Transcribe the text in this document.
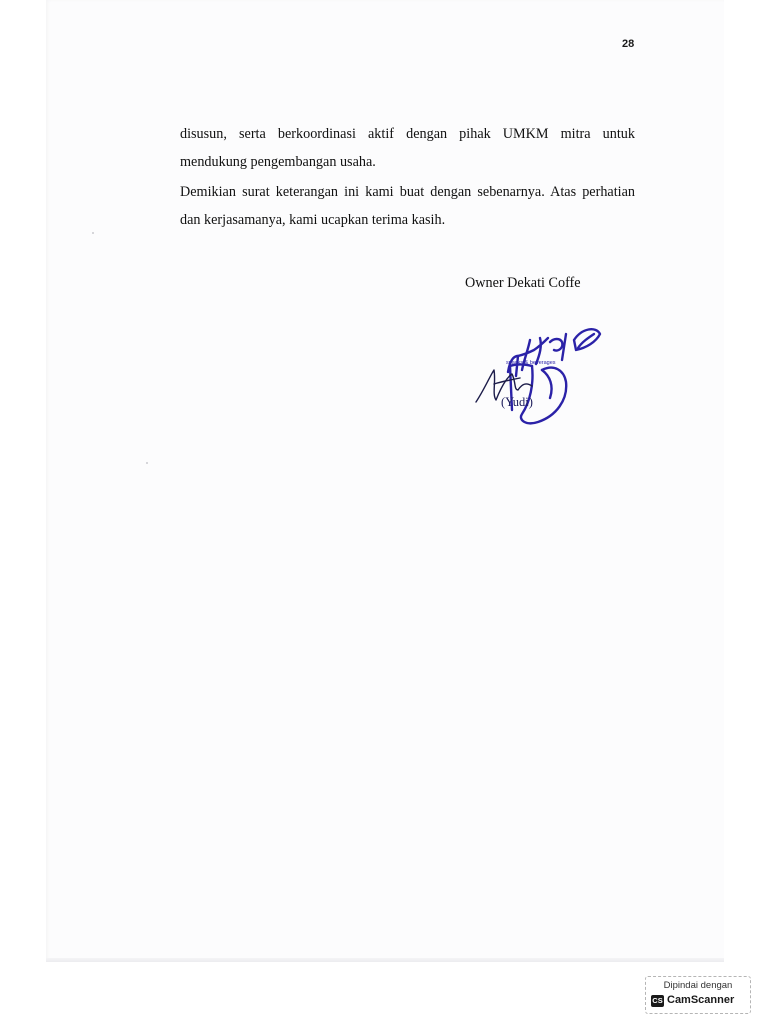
28

disusun, serta berkoordinasi aktif dengan pihak UMKM mitra untuk mendukung pengembangan usaha.

Demikian surat keterangan ini kami buat dengan sebenarnya. Atas perhatian dan kerjasamanya, kami ucapkan terima kasih.

Owner Dekati Coffe
snacks & beverages
(Yudi)
Dipindai dengan
CS CamScanner
